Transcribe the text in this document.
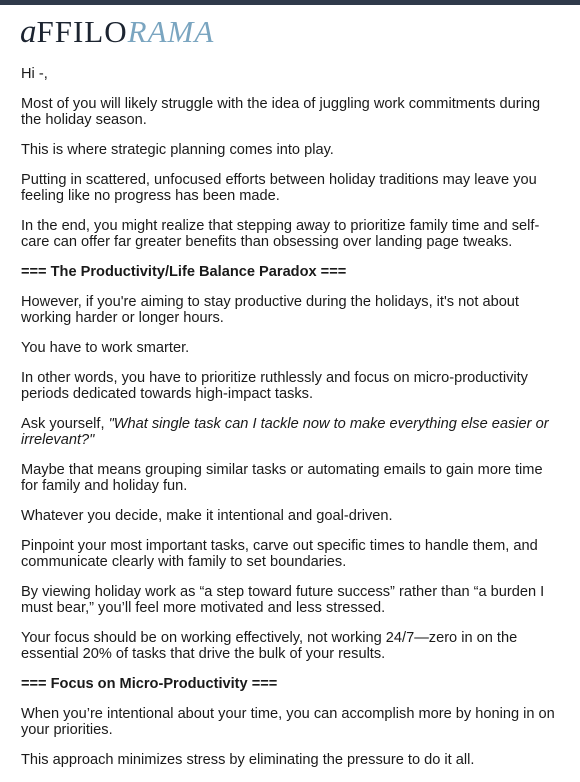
aFFILORAMA

Hi -,

Most of you will likely struggle with the idea of juggling work commitments during the holiday season.

This is where strategic planning comes into play.

Putting in scattered, unfocused efforts between holiday traditions may leave you feeling like no progress has been made.

In the end, you might realize that stepping away to prioritize family time and self-care can offer far greater benefits than obsessing over landing page tweaks.

=== The Productivity/Life Balance Paradox ===

However, if you're aiming to stay productive during the holidays, it's not about working harder or longer hours.

You have to work smarter.

In other words, you have to prioritize ruthlessly and focus on micro-productivity periods dedicated towards high-impact tasks.

Ask yourself, "What single task can I tackle now to make everything else easier or irrelevant?"

Maybe that means grouping similar tasks or automating emails to gain more time for family and holiday fun.

Whatever you decide, make it intentional and goal-driven.

Pinpoint your most important tasks, carve out specific times to handle them, and communicate clearly with family to set boundaries.

By viewing holiday work as “a step toward future success” rather than “a burden I must bear,” you’ll feel more motivated and less stressed.

Your focus should be on working effectively, not working 24/7—zero in on the essential 20% of tasks that drive the bulk of your results.

=== Focus on Micro-Productivity ===

When you’re intentional about your time, you can accomplish more by honing in on your priorities.

This approach minimizes stress by eliminating the pressure to do it all.
